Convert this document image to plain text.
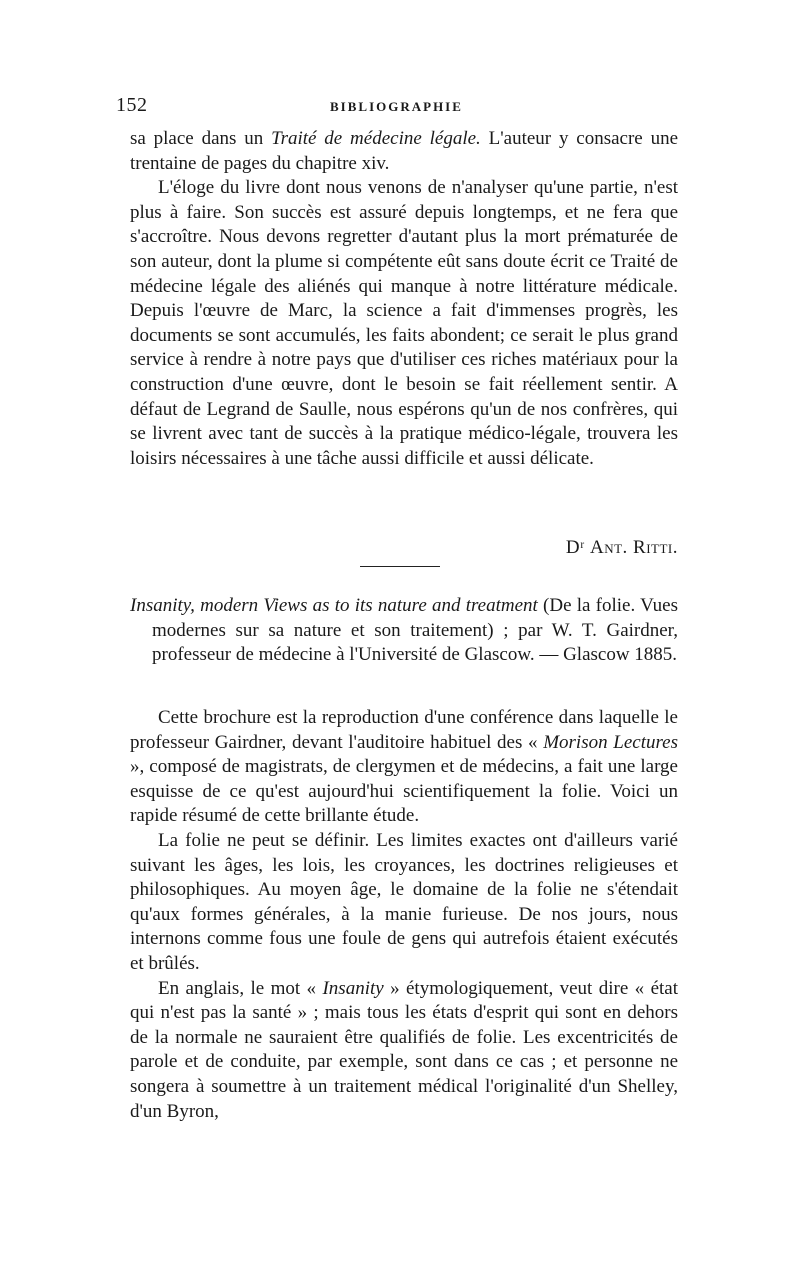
152	BIBLIOGRAPHIE

sa place dans un Traité de médecine légale. L'auteur y consacre une trentaine de pages du chapitre xiv.

L'éloge du livre dont nous venons de n'analyser qu'une partie, n'est plus à faire. Son succès est assuré depuis longtemps, et ne fera que s'accroître. Nous devons regretter d'autant plus la mort prématurée de son auteur, dont la plume si compétente eût sans doute écrit ce Traité de médecine légale des aliénés qui manque à notre littérature médicale. Depuis l'œuvre de Marc, la science a fait d'immenses progrès, les documents se sont accumulés, les faits abondent; ce serait le plus grand service à rendre à notre pays que d'utiliser ces riches matériaux pour la construction d'une œuvre, dont le besoin se fait réellement sentir. A défaut de Legrand de Saulle, nous espérons qu'un de nos confrères, qui se livrent avec tant de succès à la pratique médico-légale, trouvera les loisirs nécessaires à une tâche aussi difficile et aussi délicate.

Dʳ Ant. Ritti.
Insanity, modern Views as to its nature and treatment (De la folie. Vues modernes sur sa nature et son traitement) ; par W. T. Gairdner, professeur de médecine à l'Université de Glascow. — Glascow 1885.

Cette brochure est la reproduction d'une conférence dans laquelle le professeur Gairdner, devant l'auditoire habituel des « Morison Lectures », composé de magistrats, de clergymen et de médecins, a fait une large esquisse de ce qu'est aujourd'hui scientifiquement la folie. Voici un rapide résumé de cette brillante étude.

La folie ne peut se définir. Les limites exactes ont d'ailleurs varié suivant les âges, les lois, les croyances, les doctrines religieuses et philosophiques. Au moyen âge, le domaine de la folie ne s'étendait qu'aux formes générales, à la manie furieuse. De nos jours, nous internons comme fous une foule de gens qui autrefois étaient exécutés et brûlés.

En anglais, le mot « Insanity » étymologiquement, veut dire « état qui n'est pas la santé » ; mais tous les états d'esprit qui sont en dehors de la normale ne sauraient être qualifiés de folie. Les excentricités de parole et de conduite, par exemple, sont dans ce cas ; et personne ne songera à soumettre à un traitement médical l'originalité d'un Shelley, d'un Byron,
